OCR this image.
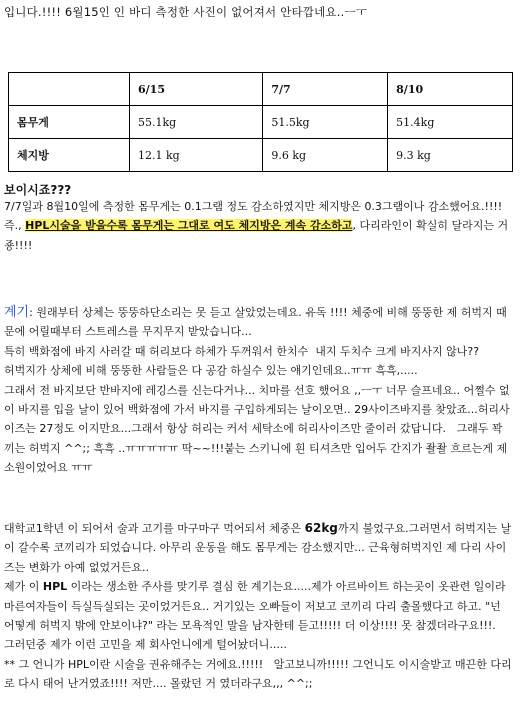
입니다.!!!! 6월15인 인 바디 측정한 사진이 없어져서 안타깝네요..ㅡㅜ
	6/15	7/7	8/10
몸무게	55.1kg	51.5kg	51.4kg
체지방	12.1 kg	9.6 kg	9.3 kg
보이시죠???
7/7일과 8월10일에 측정한 몸무게는 0.1그램 정도 감소하였지만 체지방은 0.3그램이나 감소했어요.!!!! 즉., HPL시술을 받을수록 몸무게는 그대로 여도 체지방은 계속 감소하고, 다리라인이 확실히 달라지는 거죵!!!!
계기: 원래부터 상체는 뚱뚱하단소리는 못 듣고 살았었는데요. 유독 !!!! 체중에 비해 뚱뚱한 제 허벅지 때문에 어릴때부터 스트레스를 무지무지 받았습니다...
특히 백화점에 바지 사러갈 때 허리보다 하체가 두꺼워서 한치수  내지 두치수 크게 바지사지 않나??
허벅지가 상체에 비해 뚱뚱한 사람들은 다 공감 하실수 있는 얘기인데요..ㅠㅠ 흑흑,.....
그래서 전 바지보단 반바지에 레깅스를 신는다거나... 치마를 선호 했어요 ,,ㅡㅜ 너무 슬프네요.. 어쩔수 없이 바지를 입을 날이 있어 백화점에 가서 바지를 구입하게되는 날이오면.. 29사이즈바지를 찾았죠...허리사이즈는 27정도 이지만요...그래서 항상 허리는 커서 세탁소에 허리사이즈만 줄이러 갔답니다.   그래두 꽉끼는 허벅지 ^^;; 흑흑 ..ㅠㅠㅠㅠㅠ 딱~~!!!붙는 스키니에 흰 티셔츠만 입어두 간지가 좔좔 흐르는게 제소원이었어요 ㅠㅠ
대학교1학년 이 되어서 술과 고기를 마구마구 먹어되서 체중은 62kg까지 불었구요.그러면서 허벅지는 날이 갈수록 코끼리가 되었습니다. 아무리 운동을 해도 몸무게는 감소했지만... 근육형허벅지인 제 다리 사이즈는 변화가 아예 없었거든요..
제가 이 HPL 이라는 생소한 주사를 맞기루 결심 한 계기는요.....제가 아르바이트 하는곳이 옷관련 일이라 마른여자들이 득실득실되는 곳이었거든요.. 거기있는 오빠들이 저보고 코끼리 다리 출몰했다고 하고. "넌 어떻게 허벅지 밖에 안보이냐?" 라는 모욕적인 말을 남자한테 듣고!!!!! 더 이상!!!! 못 참겠더라구요!!!.
그러던중 제가 이런 고민을 제 회사언니에게 털어놨더니.....
** 그 언니가 HPL이란 시술을 권유해주는 거에요.!!!!!   알고보니까!!!!! 그언니도 이시술받고 매끈한 다리로 다시 태어 난거였죠!!!! 저만.... 몰랐던 거 였더라구요,,, ^^;;
